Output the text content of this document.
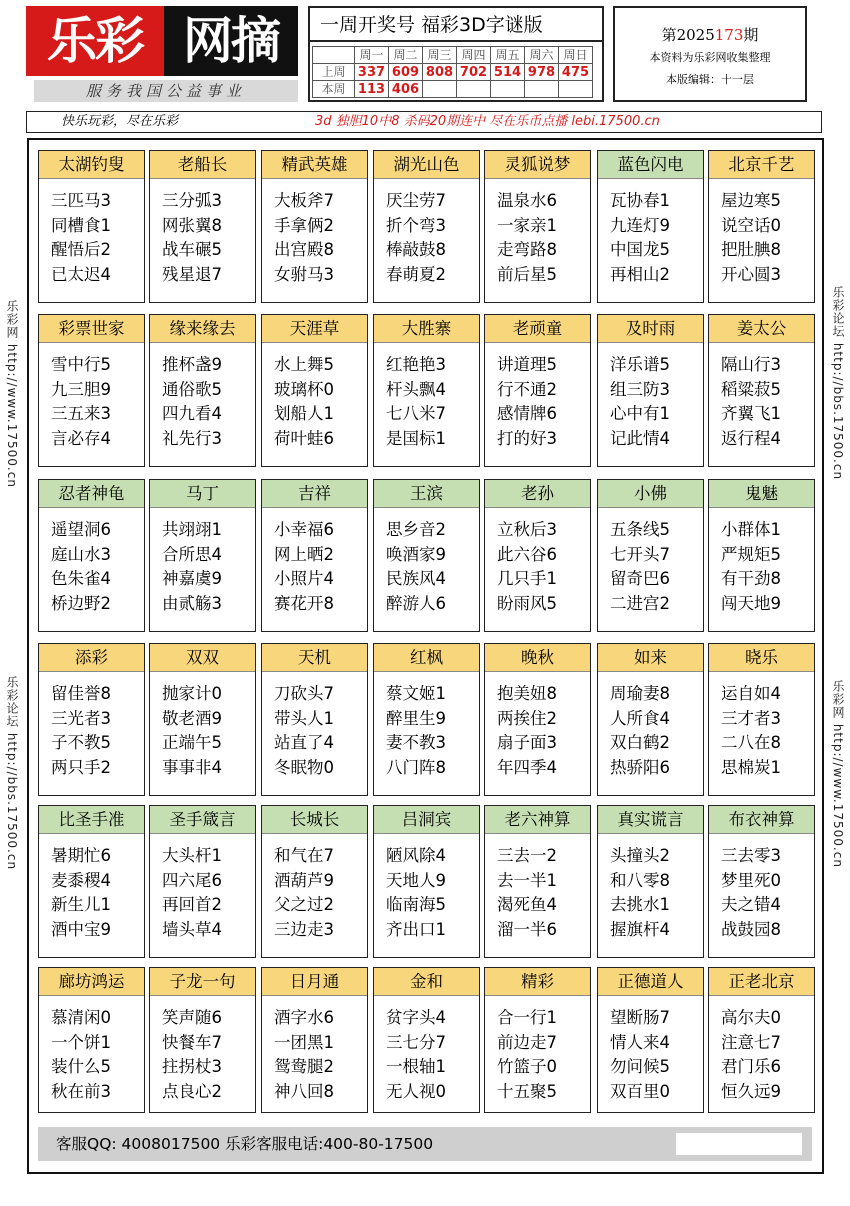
乐彩 网摘
服务我国公益事业
一周开奖号 福彩3D字谜版
	周一	周二	周三	周四	周五	周六	周日
上周	337	609	808	702	514	978	475
本周	113	406					
第2025173期
本资料为乐彩网收集整理
本版编辑：十一层
快乐玩彩，尽在乐彩	3d 独胆10中8 杀码20期连中 尽在乐币点播 lebi.17500.cn
乐彩网 http://www.17500.cn
乐彩论坛 http://bbs.17500.cn
乐彩论坛 http://bbs.17500.cn
乐彩网 http://www.17500.cn
太湖钓叟
三匹马3
同槽食1
醒悟后2
已太迟4
老船长
三分弧3
网张翼8
战车碾5
残星退7
精武英雄
大板斧7
手拿俩2
出宫殿8
女驸马3
湖光山色
厌尘劳7
折个弯3
棒敲鼓8
春萌夏2
灵狐说梦
温泉水6
一家亲1
走弯路8
前后星5
蓝色闪电
瓦协春1
九连灯9
中国龙5
再相山2
北京千艺
屋边寒5
说空话0
把肚腆8
开心圆3
彩票世家
雪中行5
九三胆9
三五来3
言必存4
缘来缘去
推杯盏9
通俗歌5
四九看4
礼先行3
天涯草
水上舞5
玻璃杯0
划船人1
荷叶蛙6
大胜寨
红艳艳3
杆头飘4
七八米7
是国标1
老顽童
讲道理5
行不通2
感情牌6
打的好3
及时雨
洋乐谱5
组三防3
心中有1
记此情4
姜太公
隔山行3
稻粱菽5
齐翼飞1
返行程4
忍者神龟
遥望洞6
庭山水3
色朱雀4
桥边野2
马丁
共翊翊1
合所思4
神嘉虞9
由贰觞3
吉祥
小幸福6
网上晒2
小照片4
赛花开8
王滨
思乡音2
唤酒家9
民族风4
醉游人6
老孙
立秋后3
此六谷6
几只手1
盼雨风5
小佛
五条线5
七开头7
留奇巴6
二进宫2
鬼魅
小群体1
严规矩5
有干劲8
闯天地9
添彩
留佳誉8
三光者3
子不教5
两只手2
双双
抛家计0
敬老酒9
正端午5
事事非4
天机
刀砍头7
带头人1
站直了4
冬眠物0
红枫
蔡文姬1
醉里生9
妻不教3
八门阵8
晚秋
抱美妞8
两挨住2
扇子面3
年四季4
如来
周瑜妻8
人所食4
双白鹤2
热骄阳6
晓乐
运自如4
三才者3
二八在8
思棉炭1
比圣手准
暑期忙6
麦黍稷4
新生儿1
酒中宝9
圣手箴言
大头杆1
四六尾6
再回首2
墙头草4
长城长
和气在7
酒葫芦9
父之过2
三边走3
吕洞宾
陋风除4
天地人9
临南海5
齐出口1
老六神算
三去一2
去一半1
渴死鱼4
溜一半6
真实谎言
头撞头2
和八零8
去挑水1
握旗杆4
布衣神算
三去零3
梦里死0
夫之错4
战鼓园8
廊坊鸿运
慕清闲0
一个饼1
装什么5
秋在前3
子龙一句
笑声随6
快餐车7
拄拐杖3
点良心2
日月通
酒字水6
一团黑1
鸳鸯腿2
神八回8
金和
贫字头4
三七分7
一根轴1
无人视0
精彩
合一行1
前边走7
竹篮子0
十五聚5
正德道人
望断肠7
情人来4
勿问候5
双百里0
正老北京
高尔夫0
注意七7
君门乐6
恒久远9
客服QQ: 4008017500 乐彩客服电话:400-80-17500
